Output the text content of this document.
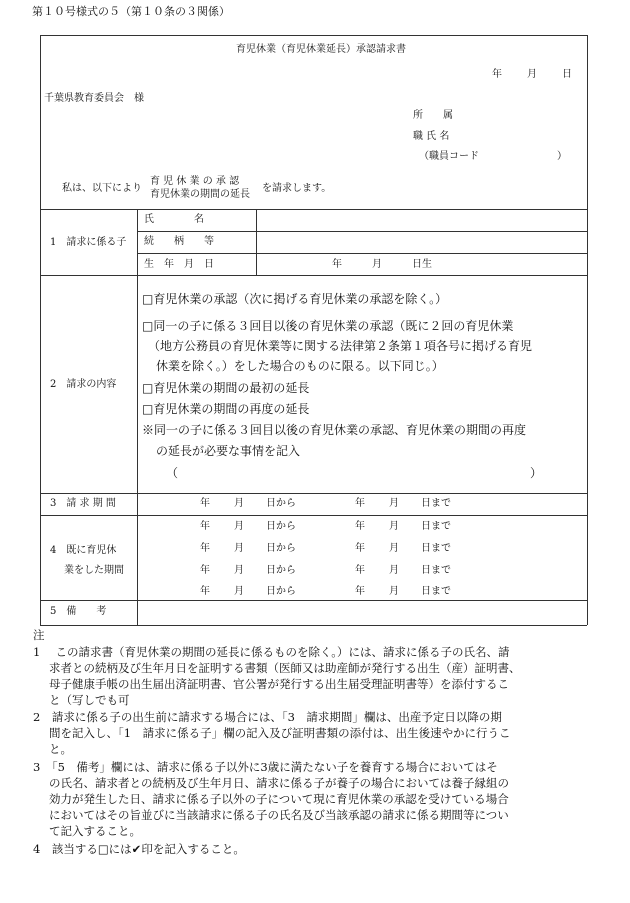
第１０号様式の５（第１０条の３関係）
育児休業（育児休業延長）承認請求書
年	月	日
千葉県教育委員会　様
所　　属
職 氏 名
（職員コード	）
私は、以下により
育 児 休 業 の 承 認
育児休業の期間の延長
を請求します。
1　請求に係る子
氏　　　　名
続　　柄　　等
生　年　月　日	年　　　月　　　日生
2　請求の内容
□育児休業の承認（次に掲げる育児休業の承認を除く。）
□同一の子に係る３回目以後の育児休業の承認（既に２回の育児休業
（地方公務員の育児休業等に関する法律第２条第１項各号に掲げる育児
休業を除く。）をした場合のものに限る。以下同じ。）
□育児休業の期間の最初の延長
□育児休業の期間の再度の延長
※同一の子に係る３回目以後の育児休業の承認、育児休業の期間の再度
の延長が必要な事情を記入
（	）
3　請 求 期 間	年 月 日から	年 月 日まで
4　既に育児休
業をした期間
年 月 日から	年 月 日まで
年 月 日から	年 月 日まで
年 月 日から	年 月 日まで
年 月 日から	年 月 日まで
5　備　　考
注
1　 この請求書（育児休業の期間の延長に係るものを除く。）には、請求に係る子の氏名、請
求者との続柄及び生年月日を証明する書類（医師又は助産師が発行する出生（産）証明書、
母子健康手帳の出生届出済証明書、官公署が発行する出生届受理証明書等）を添付するこ
と（写しでも可
2　請求に係る子の出生前に請求する場合には、「3　請求期間」欄は、出産予定日以降の期
間を記入し、「1　請求に係る子」欄の記入及び証明書類の添付は、出生後速やかに行うこ
と。
3　「5　備考」欄には、請求に係る子以外に3歳に満たない子を養育する場合においてはそ
の氏名、請求者との続柄及び生年月日、請求に係る子が養子の場合においては養子縁組の
効力が発生した日、請求に係る子以外の子について現に育児休業の承認を受けている場合
においてはその旨並びに当該請求に係る子の氏名及び当該承認の請求に係る期間等につい
て記入すること。
4　該当する□には✔印を記入すること。
